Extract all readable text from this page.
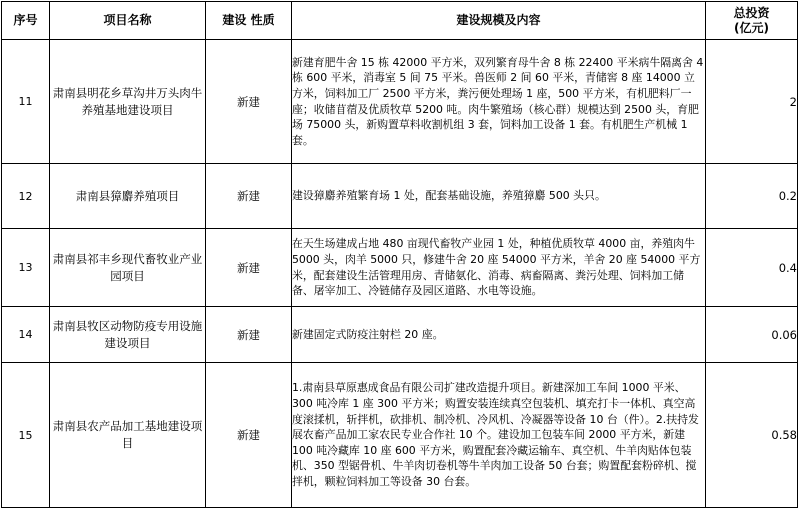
序号	项目名称	建设 性质	建设规模及内容	总投资
(亿元)
11	肃南县明花乡草沟井万头肉牛养殖基地建设项目	新建	新建育肥牛舍 15 栋 42000 平方米，双列繁育母牛舍 8 栋 22400 平米病牛隔离舍 4 栋 600 平米，消毒室 5 间 75 平米。兽医师 2 间 60 平米，青储窖 8 座 14000 立方米，饲料加工厂 2500 平方米，粪污便处理场 1 座，500 平方米，有机肥料厂一座；收储苜蓿及优质牧草 5200 吨。肉牛繁殖场（核心群）规模达到 2500 头，育肥场 75000 头，新购置草料收割机组 3 套，饲料加工设备 1 套。有机肥生产机械 1 套。	2
12	肃南县獐麝养殖项目	新建	建设獐麝养殖繁育场 1 处，配套基础设施，养殖獐麝 500 头只。	0.2
13	肃南县祁丰乡现代畜牧业产业园项目	新建	在天生场建成占地 480 亩现代畜牧产业园 1 处，种植优质牧草 4000 亩，养殖肉牛 5000 头，肉羊 5000 只，修建牛舍 20 座 54000 平方米，羊舍 20 座 54000 平方米，配套建设生活管理用房、青储氨化、消毒、病畜隔离、粪污处理、饲料加工储备、屠宰加工、冷链储存及园区道路、水电等设施。	0.4
14	肃南县牧区动物防疫专用设施建设项目	新建	新建固定式防疫注射栏 20 座。	0.06
15	肃南县农产品加工基地建设项目	新建	1.肃南县草原惠成食品有限公司扩建改造提升项目。新建深加工车间 1000 平米、300 吨冷库 1 座 300 平方米；购置安装连续真空包装机、填充打卡一体机、真空高度滚揉机，斩拌机，砍排机、制冷机、冷风机、冷凝器等设备 10 台（件）。2.扶持发展农畜产品加工家农民专业合作社 10 个。建设加工包装车间 2000 平方米，新建 100 吨冷藏库 10 座 600 平方米，购置配套冷藏运输车、真空机、牛羊肉贴体包装机、350 型锯骨机、牛羊肉切卷机等牛羊肉加工设备 50 台套；购置配套粉碎机、搅拌机，颗粒饲料加工等设备 30 台套。	0.58
